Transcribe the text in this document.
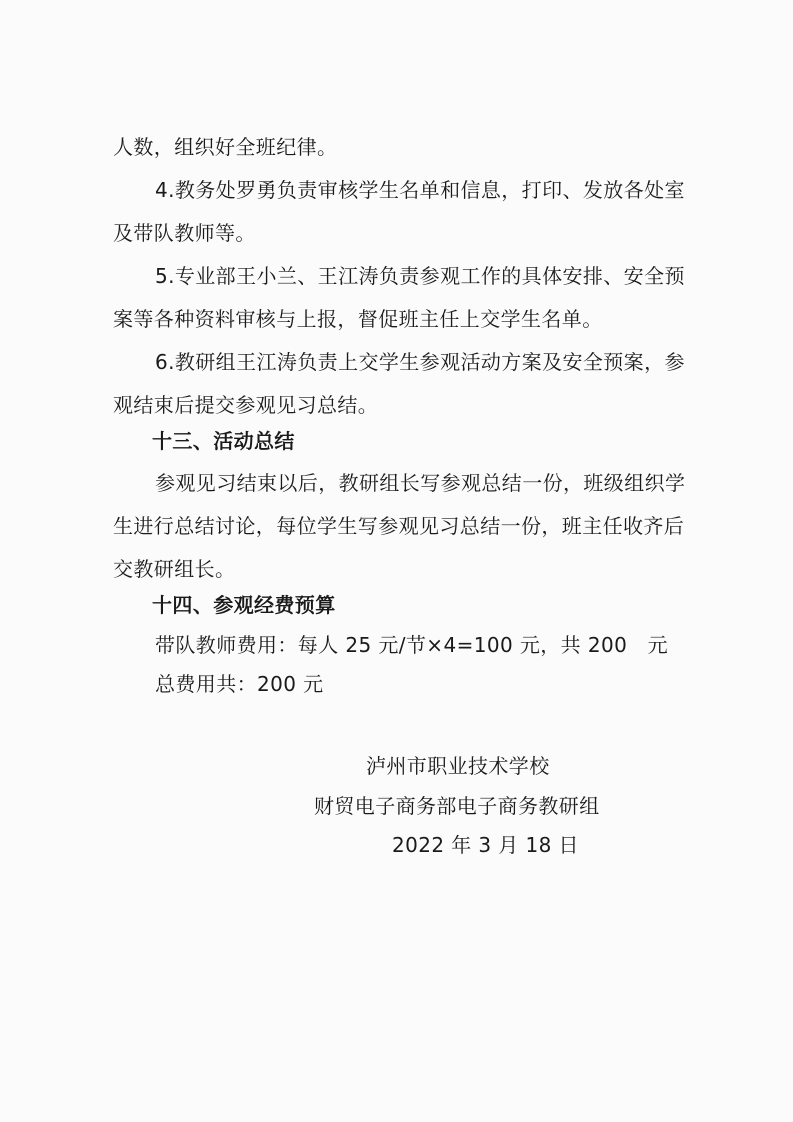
人数，组织好全班纪律。
4.教务处罗勇负责审核学生名单和信息，打印、发放各处室
及带队教师等。
5.专业部王小兰、王江涛负责参观工作的具体安排、安全预
案等各种资料审核与上报，督促班主任上交学生名单。
6.教研组王江涛负责上交学生参观活动方案及安全预案，参
观结束后提交参观见习总结。
十三、活动总结
参观见习结束以后，教研组长写参观总结一份，班级组织学
生进行总结讨论，每位学生写参观见习总结一份，班主任收齐后
交教研组长。
十四、参观经费预算
带队教师费用：每人 25 元/节×4=100 元，共 200　元
总费用共：200 元
泸州市职业技术学校
财贸电子商务部电子商务教研组
2022 年 3 月 18 日
